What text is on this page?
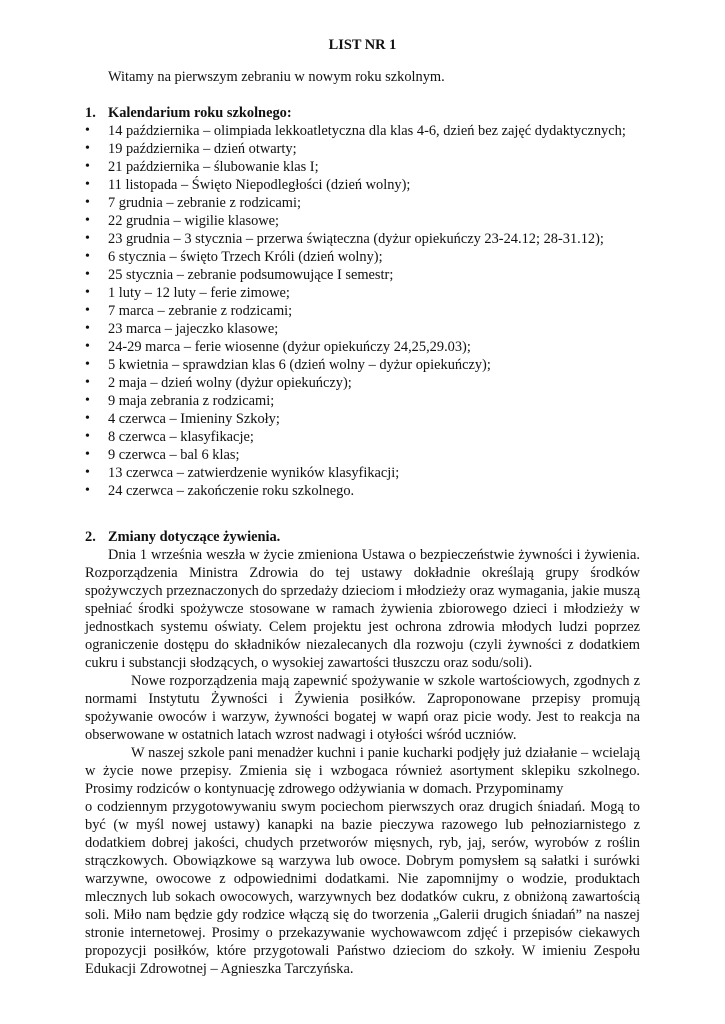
LIST NR 1
Witamy na pierwszym zebraniu w nowym roku szkolnym.
1. Kalendarium roku szkolnego:
•	14 października – olimpiada lekkoatletyczna dla klas 4-6, dzień bez zajęć dydaktycznych;
•	19 października – dzień otwarty;
•	21 października – ślubowanie klas I;
•	11 listopada – Święto Niepodległości (dzień wolny);
•	7 grudnia – zebranie z rodzicami;
•	22 grudnia – wigilie klasowe;
•	23 grudnia – 3 stycznia – przerwa świąteczna (dyżur opiekuńczy 23-24.12; 28-31.12);
•	6 stycznia – święto Trzech Króli (dzień wolny);
•	25 stycznia – zebranie podsumowujące I semestr;
•	1 luty – 12 luty – ferie zimowe;
•	7 marca – zebranie z rodzicami;
•	23 marca – jajeczko klasowe;
•	24-29 marca – ferie wiosenne (dyżur opiekuńczy 24,25,29.03);
•	5 kwietnia – sprawdzian klas 6 (dzień wolny – dyżur opiekuńczy);
•	2 maja – dzień wolny (dyżur opiekuńczy);
•	9 maja zebrania z rodzicami;
•	4 czerwca – Imieniny Szkoły;
•	8 czerwca – klasyfikacje;
•	9 czerwca – bal 6 klas;
•	13 czerwca – zatwierdzenie wyników klasyfikacji;
•	24 czerwca – zakończenie roku szkolnego.
2. Zmiany dotyczące żywienia.

Dnia 1 września weszła w życie zmieniona Ustawa o bezpieczeństwie żywności i żywienia. Rozporządzenia Ministra Zdrowia do tej ustawy dokładnie określają grupy środków spożywczych przeznaczonych do sprzedaży dzieciom i młodzieży oraz wymagania, jakie muszą spełniać środki spożywcze stosowane w ramach żywienia zbiorowego dzieci i młodzieży w jednostkach systemu oświaty. Celem projektu jest ochrona zdrowia młodych ludzi poprzez ograniczenie dostępu do składników niezalecanych dla rozwoju (czyli żywności z dodatkiem cukru i substancji słodzących, o wysokiej zawartości tłuszczu oraz sodu/soli).

Nowe rozporządzenia mają zapewnić spożywanie w szkole wartościowych, zgodnych z normami Instytutu Żywności i Żywienia posiłków. Zaproponowane przepisy promują spożywanie owoców i warzyw, żywności bogatej w wapń oraz picie wody. Jest to reakcja na obserwowane w ostatnich latach wzrost nadwagi i otyłości wśród uczniów.

W naszej szkole pani menadżer kuchni i panie kucharki podjęły już działanie – wcielają w życie nowe przepisy. Zmienia się i wzbogaca również asortyment sklepiku szkolnego. Prosimy rodziców o kontynuację zdrowego odżywiania w domach. Przypominamy

o codziennym przygotowywaniu swym pociechom pierwszych oraz drugich śniadań. Mogą to być (w myśl nowej ustawy) kanapki na bazie pieczywa razowego lub pełnoziarnistego z dodatkiem dobrej jakości, chudych przetworów mięsnych, ryb, jaj, serów, wyrobów z roślin strączkowych. Obowiązkowe są warzywa lub owoce. Dobrym pomysłem są sałatki i surówki warzywne, owocowe z odpowiednimi dodatkami. Nie zapomnijmy o wodzie, produktach mlecznych lub sokach owocowych, warzywnych bez dodatków cukru, z obniżoną zawartością soli. Miło nam będzie gdy rodzice włączą się do tworzenia „Galerii drugich śniadań” na naszej stronie internetowej. Prosimy o przekazywanie wychowawcom zdjęć i przepisów ciekawych propozycji posiłków, które przygotowali Państwo dzieciom do szkoły. W imieniu Zespołu Edukacji Zdrowotnej – Agnieszka Tarczyńska.
